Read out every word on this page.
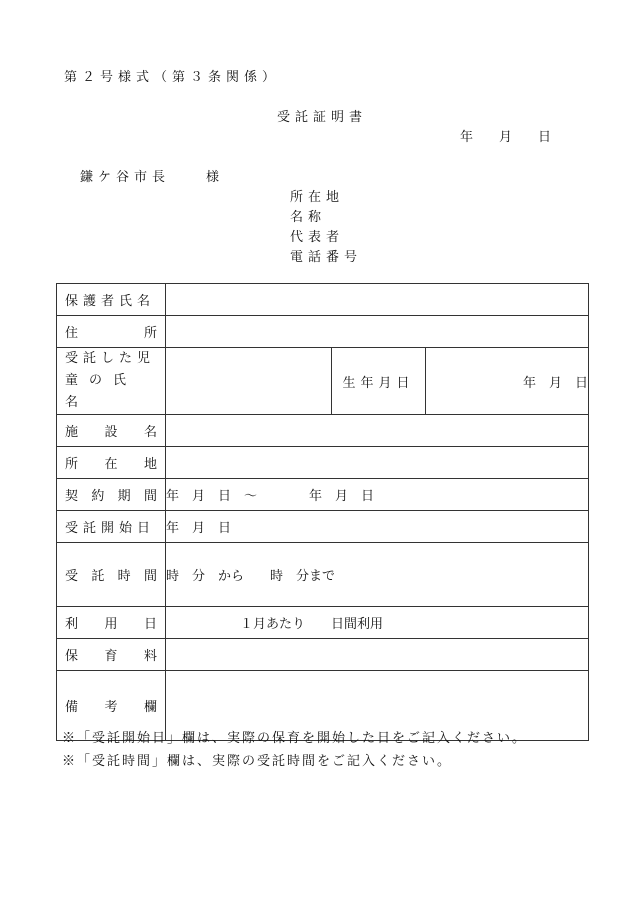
第２号様式（第３条関係）
受託証明書
年　　月　　日
鎌ケ谷市長　　様
所在地
名称
代表者
電話番号
保護者氏名			

住 所			

受託した児
童の氏名		生年月日	年　月　日

施 設 名			

所 在 地			

契 約 期 間	年　月　日　〜　　　　年　月　日		

受託開始日	年　月　日		

受 託 時 間	時　分　から　　時　分まで		

利 用 日	１月あたり　　日間利用		

保 育 料			

備 考 欄			

※「受託開始日」欄は、実際の保育を開始した日をご記入ください。
※「受託時間」欄は、実際の受託時間をご記入ください。
